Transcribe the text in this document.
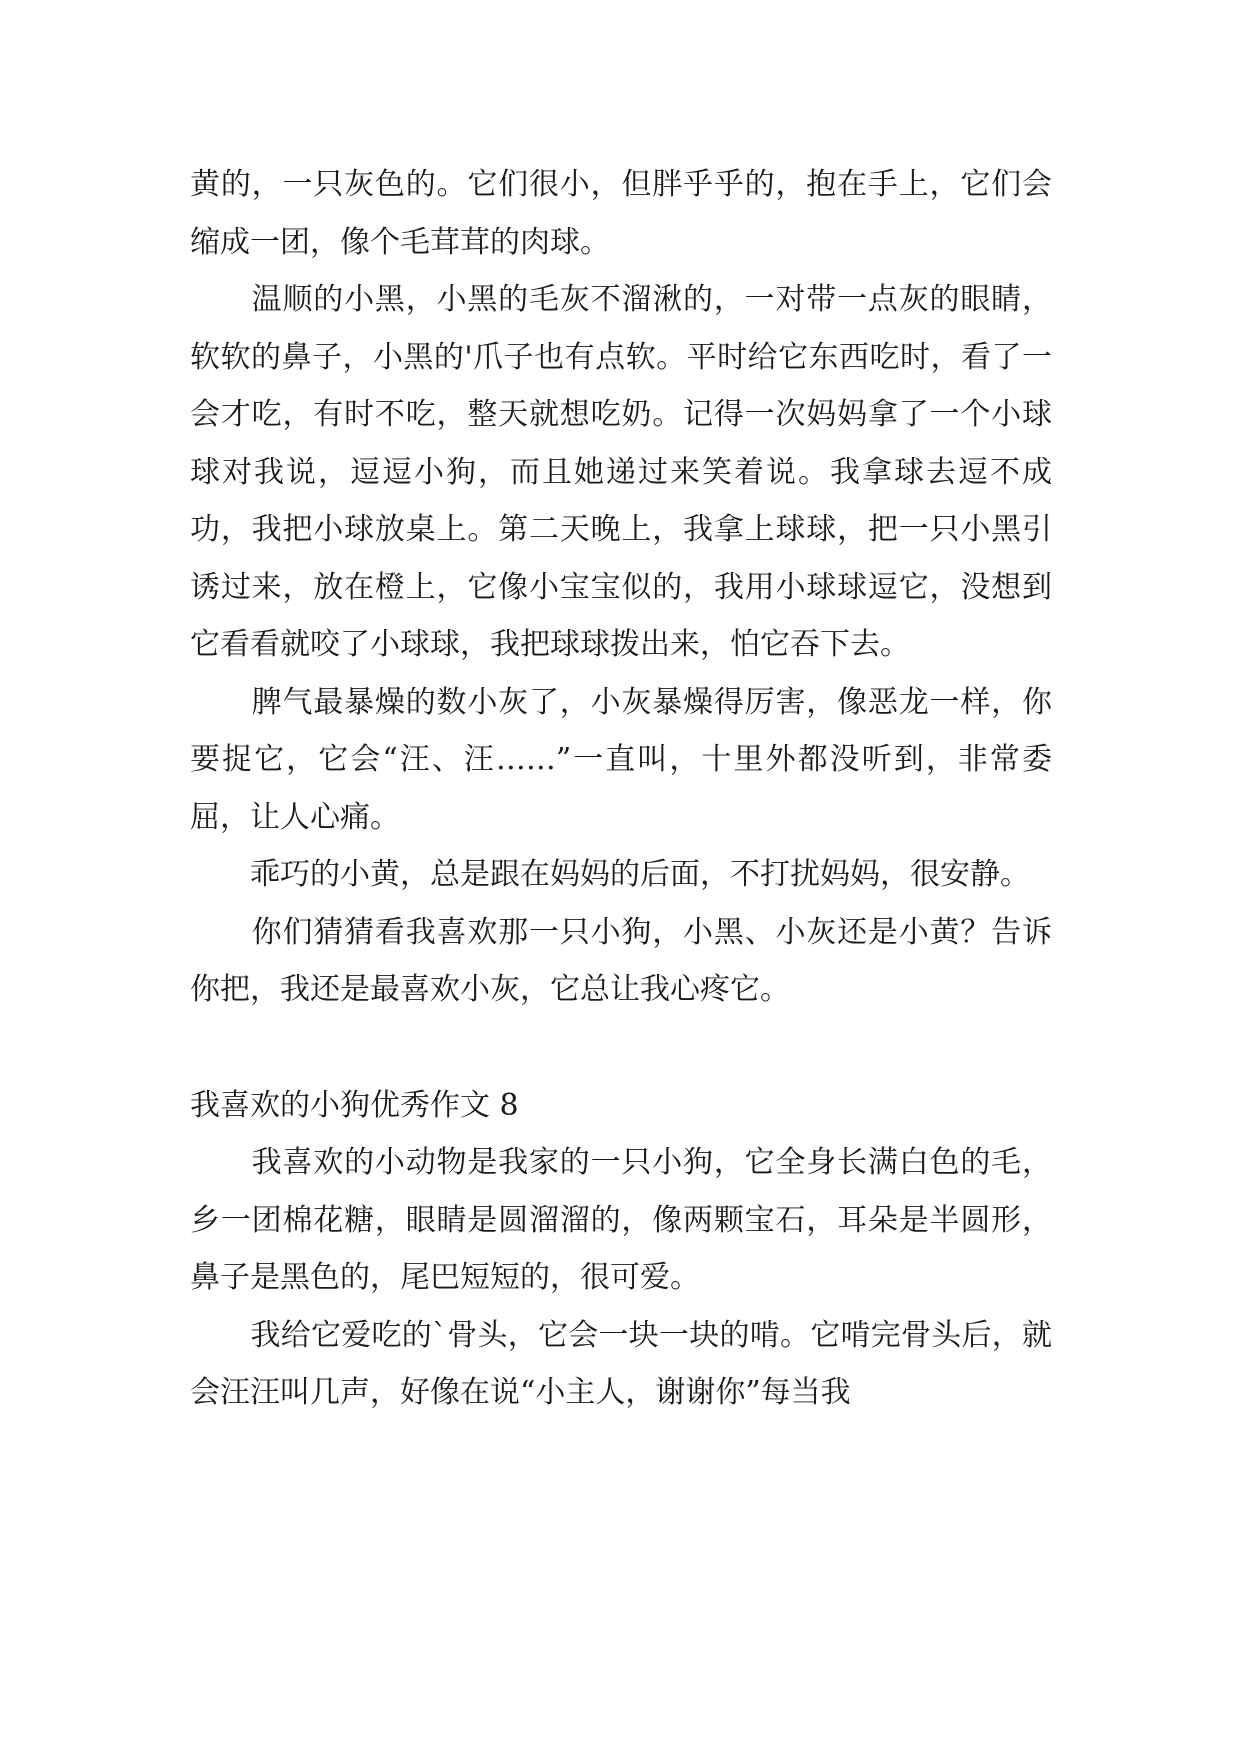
黄的，一只灰色的。它们很小，但胖乎乎的，抱在手上，它们会缩成一团，像个毛茸茸的肉球。

　　温顺的小黑，小黑的毛灰不溜湫的，一对带一点灰的眼睛，软软的鼻子，小黑的'爪子也有点软。平时给它东西吃时，看了一会才吃，有时不吃，整天就想吃奶。记得一次妈妈拿了一个小球球对我说，逗逗小狗，而且她递过来笑着说。我拿球去逗不成功，我把小球放桌上。第二天晚上，我拿上球球，把一只小黑引诱过来，放在橙上，它像小宝宝似的，我用小球球逗它，没想到它看看就咬了小球球，我把球球拨出来，怕它吞下去。

　　脾气最暴燥的数小灰了，小灰暴燥得厉害，像恶龙一样，你要捉它，它会“汪、汪……”一直叫，十里外都没听到，非常委屈，让人心痛。

　　乖巧的小黄，总是跟在妈妈的后面，不打扰妈妈，很安静。

　　你们猜猜看我喜欢那一只小狗，小黑、小灰还是小黄？告诉你把，我还是最喜欢小灰，它总让我心疼它。

我喜欢的小狗优秀作文 8

　　我喜欢的小动物是我家的一只小狗，它全身长满白色的毛，乡一团棉花糖，眼睛是圆溜溜的，像两颗宝石，耳朵是半圆形，鼻子是黑色的，尾巴短短的，很可爱。

　　我给它爱吃的`骨头，它会一块一块的啃。它啃完骨头后，就会汪汪叫几声，好像在说“小主人，谢谢你”每当我
